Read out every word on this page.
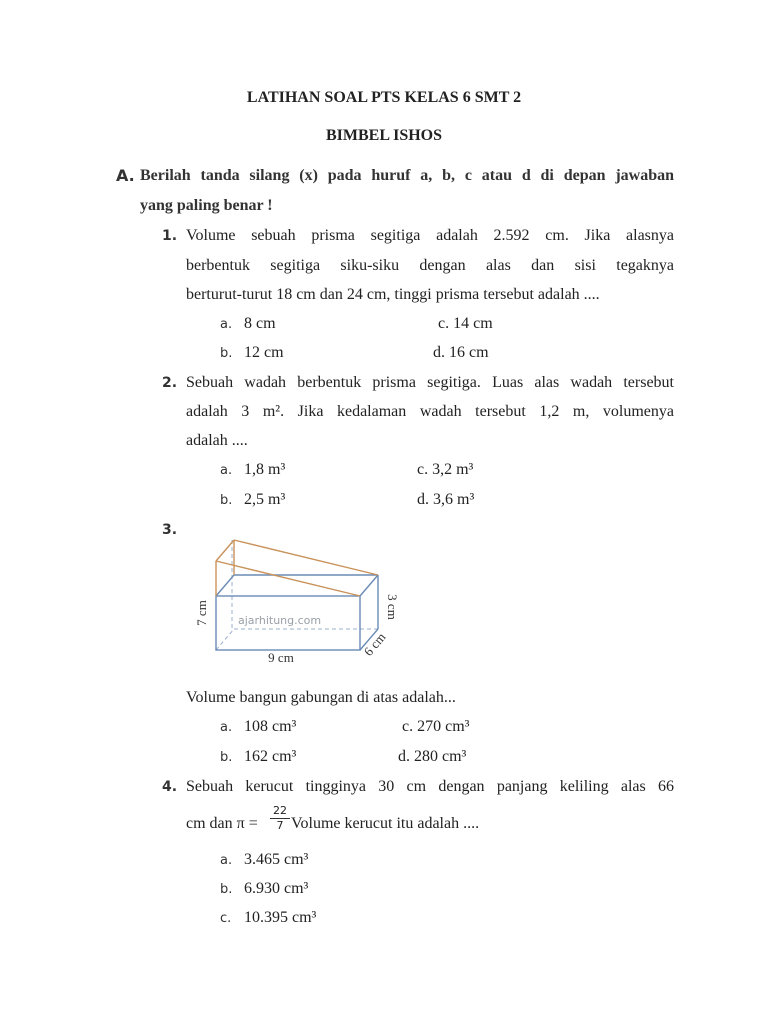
LATIHAN SOAL PTS KELAS 6 SMT 2
BIMBEL ISHOS
A. Berilah tanda silang (x) pada huruf a, b, c atau d di depan jawaban
yang paling benar !
1. Volume sebuah prisma segitiga adalah 2.592 cm. Jika alasnya
berbentuk segitiga siku-siku dengan alas dan sisi tegaknya
berturut-turut 18 cm dan 24 cm, tinggi prisma tersebut adalah ....
a. 8 cm	c. 14 cm
b. 12 cm	d. 16 cm
2. Sebuah wadah berbentuk prisma segitiga. Luas alas wadah tersebut
adalah 3 m². Jika kedalaman wadah tersebut 1,2 m, volumenya
adalah ....
a. 1,8 m³	c. 3,2 m³
b. 2,5 m³	d. 3,6 m³
3.
7 cm
9 cm
3 cm
6 cm
ajarhitung.com
Volume bangun gabungan di atas adalah...
a. 108 cm³	c. 270 cm³
b. 162 cm³	d. 280 cm³
4. Sebuah kerucut tingginya 30 cm dengan panjang keliling alas 66
cm dan π =
22
7 Volume kerucut itu adalah ....
a. 3.465 cm³
b. 6.930 cm³
c. 10.395 cm³
